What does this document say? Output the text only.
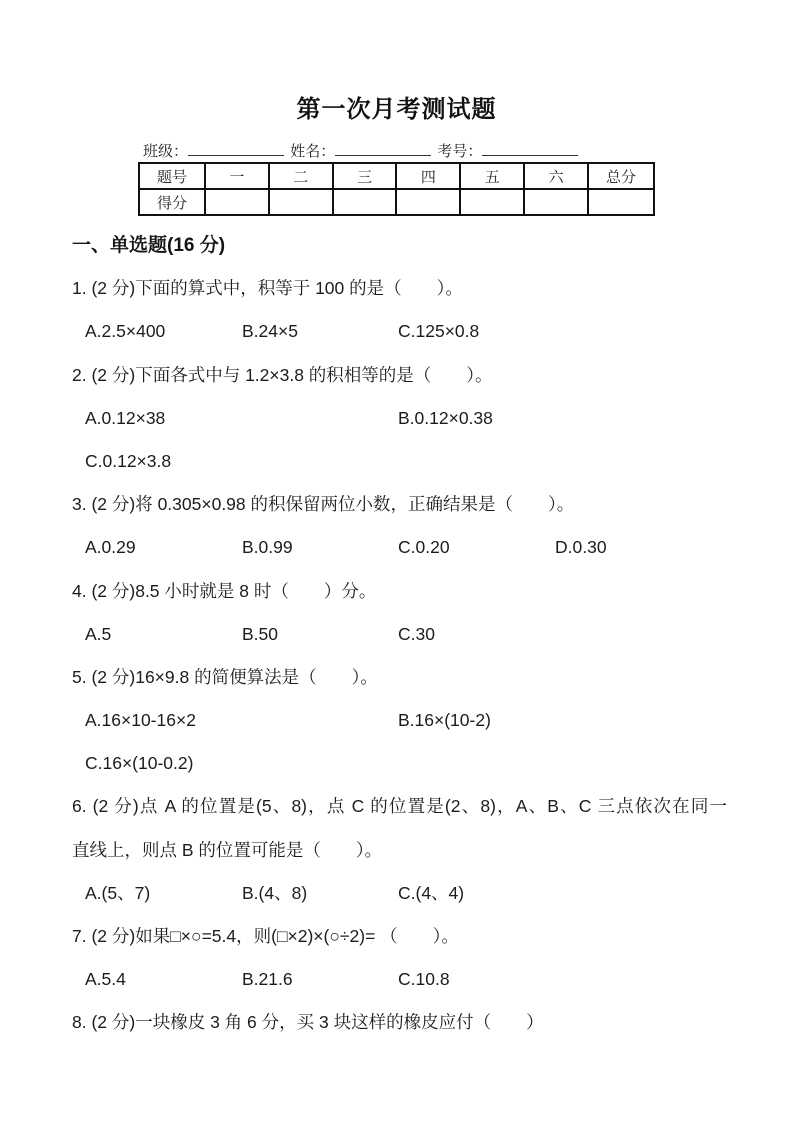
第一次月考测试题
班级：	姓名：	考号：
题号	一	二	三	四	五	六	总分
得分							
一、单选题(16 分)
1. (2 分)下面的算式中，积等于 100 的是（　　）。
A.2.5×400	B.24×5	C.125×0.8
2. (2 分)下面各式中与 1.2×3.8 的积相等的是（　　）。
A.0.12×38	B.0.12×0.38
C.0.12×3.8
3. (2 分)将 0.305×0.98 的积保留两位小数，正确结果是（　　）。
A.0.29	B.0.99	C.0.20	D.0.30
4. (2 分)8.5 小时就是 8 时（　　）分。
A.5	B.50	C.30
5. (2 分)16×9.8 的简便算法是（　　）。
A.16×10-16×2	B.16×(10-2)
C.16×(10-0.2)
6. (2 分)点 A 的位置是(5、8)，点 C 的位置是(2、8)，A、B、C 三点依次在同一
直线上，则点 B 的位置可能是（　　）。
A.(5、7)	B.(4、8)	C.(4、4)
7. (2 分)如果□×○=5.4，则(□×2)×(○÷2)= （　　）。
A.5.4	B.21.6	C.10.8
8. (2 分)一块橡皮 3 角 6 分，买 3 块这样的橡皮应付（　　）
